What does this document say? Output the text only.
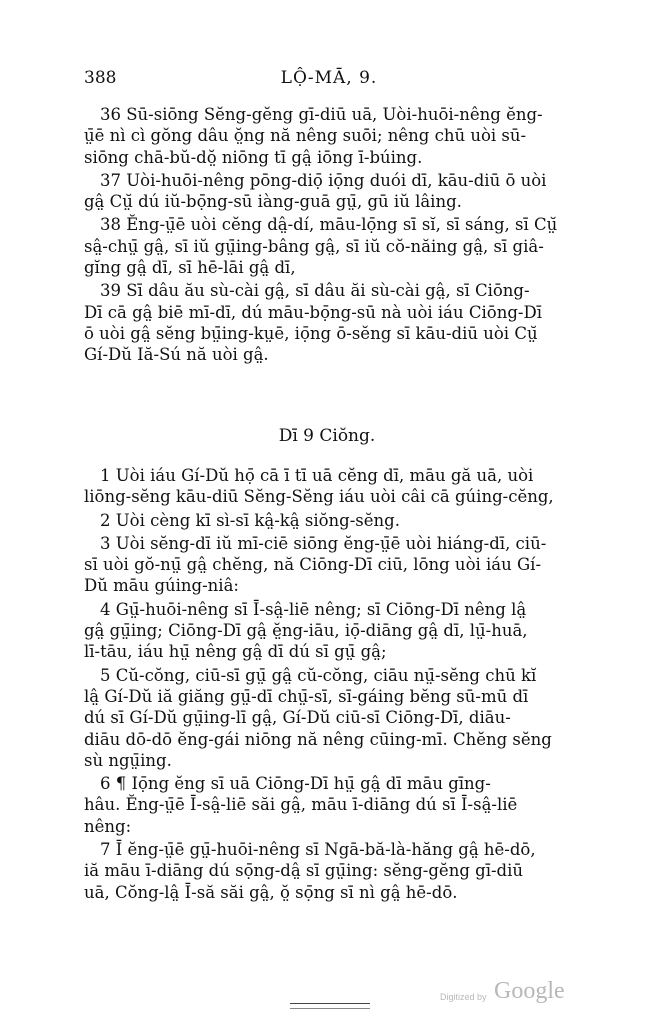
388	LỘ-MĀ, 9.

36 Sū-siōng Sĕng-gĕng gī-diū uā, Uòi-huōi-nêng ĕng-
ṳ̄ē nì cì gŏng dâu ŏ̤ng nă nêng suōi; nêng chū uòi sū-
siōng chā-bŭ-dŏ̤ niōng tī gâ̤ iōng ī-búing.

37 Uòi-huōi-nêng pōng-diọ̄ iọ̄ng duói dī, kāu-diū ō uòi
gâ̤ Cṳ̆ dú iŭ-bọ̄ng-sū iàng-guā gṳ̄, gū iŭ lâing.

38 Ĕng-ṳ̄ē uòi cĕng dâ̤-dí, māu-lọ̄ng sī sĭ, sī sáng, sī Cṳ̆
sâ̤-chṳ̄ gâ̤, sī iŭ gṳ̄ing-bâng gâ̤, sī iŭ cŏ-năing gâ̤, sī giâ-
gĭng gâ̤ dī, sī hē-lāi gâ̤ dī,

39 Sī dâu ău sù-cài gâ̤, sī dâu ăi sù-cài gâ̤, sī Ciōng-
Dī cā gâ̤ biē mī-dī, dú māu-bọ̄ng-sū nà uòi iáu Ciōng-Dī
ō uòi gâ̤ sĕng bṳ̄ing-kṳē, iọ̄ng ō-sĕng sī kāu-diū uòi Cṳ̆
Gí-Dŭ Iă-Sú nă uòi gâ̤.

Dī 9 Ciŏng.

1 Uòi iáu Gí-Dŭ họ̄ cā ī tī uā cĕng dī, māu gă uā, uòi
liōng-sĕng kāu-diū Sĕng-Sĕng iáu uòi câi cā gúing-cĕng,

2 Uòi cèng kī sì-sī kâ̤-kâ̤ siŏng-sĕng.

3 Uòi sĕng-dī iŭ mī-ciē siōng ĕng-ṳ̄ē uòi hiáng-dī, ciū-
sī uòi gŏ-nṳ̄ gâ̤ chĕng, nă Ciōng-Dī ciū, lōng uòi iáu Gí-
Dŭ māu gúing-niâ:

4 Gṳ̄-huōi-nêng sī Ī-sâ̤-liē nêng; sī Ciōng-Dī nêng lâ̤
gâ̤ gṳ̄ing; Ciōng-Dī gâ̤ ĕ̤ng-iāu, iọ̄-diāng gâ̤ dī, lṳ̄-huā,
lī-tāu, iáu hṳ̄ nêng gâ̤ dī dú sī gṳ̄ gâ̤;

5 Cŭ-cŏng, ciū-sī gṳ̄ gâ̤ cŭ-cŏng, ciāu nṳ̄-sĕng chū kĭ
lâ̤ Gí-Dŭ iă giăng gṳ̄-dī chṳ̄-sī, sī-gáing bĕng sū-mū dī
dú sī Gí-Dŭ gṳ̄ing-lī gâ̤, Gí-Dŭ ciū-sī Ciōng-Dī, diāu-
diāu dō-dō ĕng-gái niōng nă nêng cūing-mī. Chĕng sĕng
sù ngṳ̄ing.

6 ¶ Iọ̄ng ĕng sī uā Ciōng-Dī hṳ̄ gâ̤ dī māu gīng-
hâu. Ĕng-ṳ̄ē Ī-sâ̤-liē săi gâ̤, māu ī-diāng dú sī Ī-sâ̤-liē
nêng:

7 Ī ĕng-ṳ̄ē gṳ̄-huōi-nêng sī Ngā-bă-là-hăng gâ̤ hē-dō,
iă māu ī-diāng dú sọ̄ng-dâ̤ sī gṳ̄ing: sĕng-gĕng gī-diū
uā, Cŏng-lâ̤ Ī-să săi gâ̤, ŏ̤ sọ̄ng sī nì gâ̤ hē-dō.

Digitized by Google
